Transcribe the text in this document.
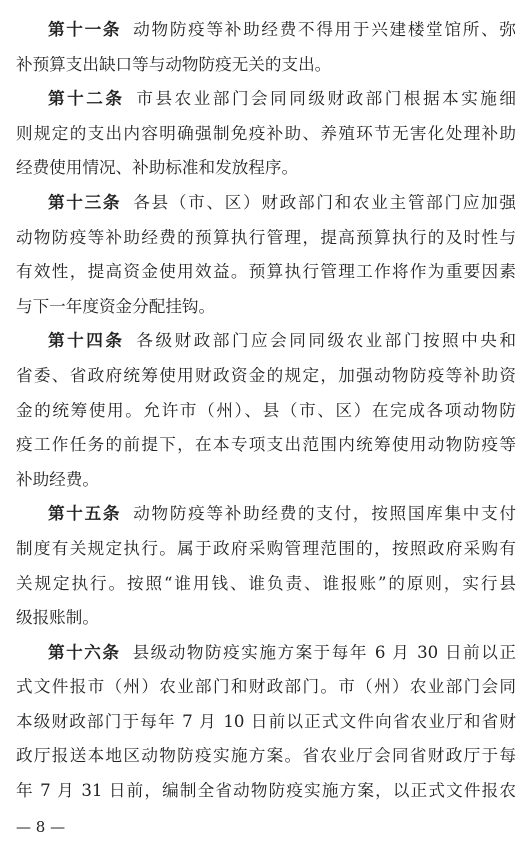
第十一条 动物防疫等补助经费不得用于兴建楼堂馆所、弥
补预算支出缺口等与动物防疫无关的支出。
第十二条 市县农业部门会同同级财政部门根据本实施细
则规定的支出内容明确强制免疫补助、养殖环节无害化处理补助
经费使用情况、补助标准和发放程序。
第十三条 各县（市、区）财政部门和农业主管部门应加强
动物防疫等补助经费的预算执行管理，提高预算执行的及时性与
有效性，提高资金使用效益。预算执行管理工作将作为重要因素
与下一年度资金分配挂钩。
第十四条 各级财政部门应会同同级农业部门按照中央和
省委、省政府统筹使用财政资金的规定，加强动物防疫等补助资
金的统筹使用。允许市（州）、县（市、区）在完成各项动物防
疫工作任务的前提下，在本专项支出范围内统筹使用动物防疫等
补助经费。
第十五条 动物防疫等补助经费的支付，按照国库集中支付
制度有关规定执行。属于政府采购管理范围的，按照政府采购有
关规定执行。按照“谁用钱、谁负责、谁报账”的原则，实行县
级报账制。
第十六条 县级动物防疫实施方案于每年 6 月 30 日前以正
式文件报市（州）农业部门和财政部门。市（州）农业部门会同
本级财政部门于每年 7 月 10 日前以正式文件向省农业厅和省财
政厅报送本地区动物防疫实施方案。省农业厅会同省财政厅于每
年 7 月 31 日前，编制全省动物防疫实施方案，以正式文件报农
— 8 —
